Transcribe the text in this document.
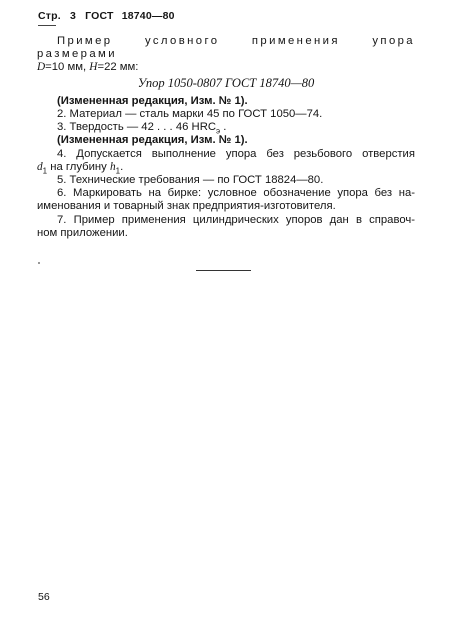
Стр. 3 ГОСТ 18740—80

Пример условного применения упора размерами

D=10 мм, H=22 мм:

Упор 1050-0807 ГОСТ 18740—80

(Измененная редакция, Изм. № 1).

2. Материал — сталь марки 45 по ГОСТ 1050—74.

3. Твердость — 42 . . . 46 $HRC_э$ .

(Измененная редакция, Изм. № 1).

4. Допускается выполнение упора без резьбового отверстия

$d_1$ на глубину $h_1$.

5. Технические требования — по ГОСТ 18824—80.

6. Маркировать на бирке: условное обозначение упора без на-

именования и товарный знак предприятия-изготовителя.

7. Пример применения цилиндрических упоров дан в справоч-

ном приложении.

56
